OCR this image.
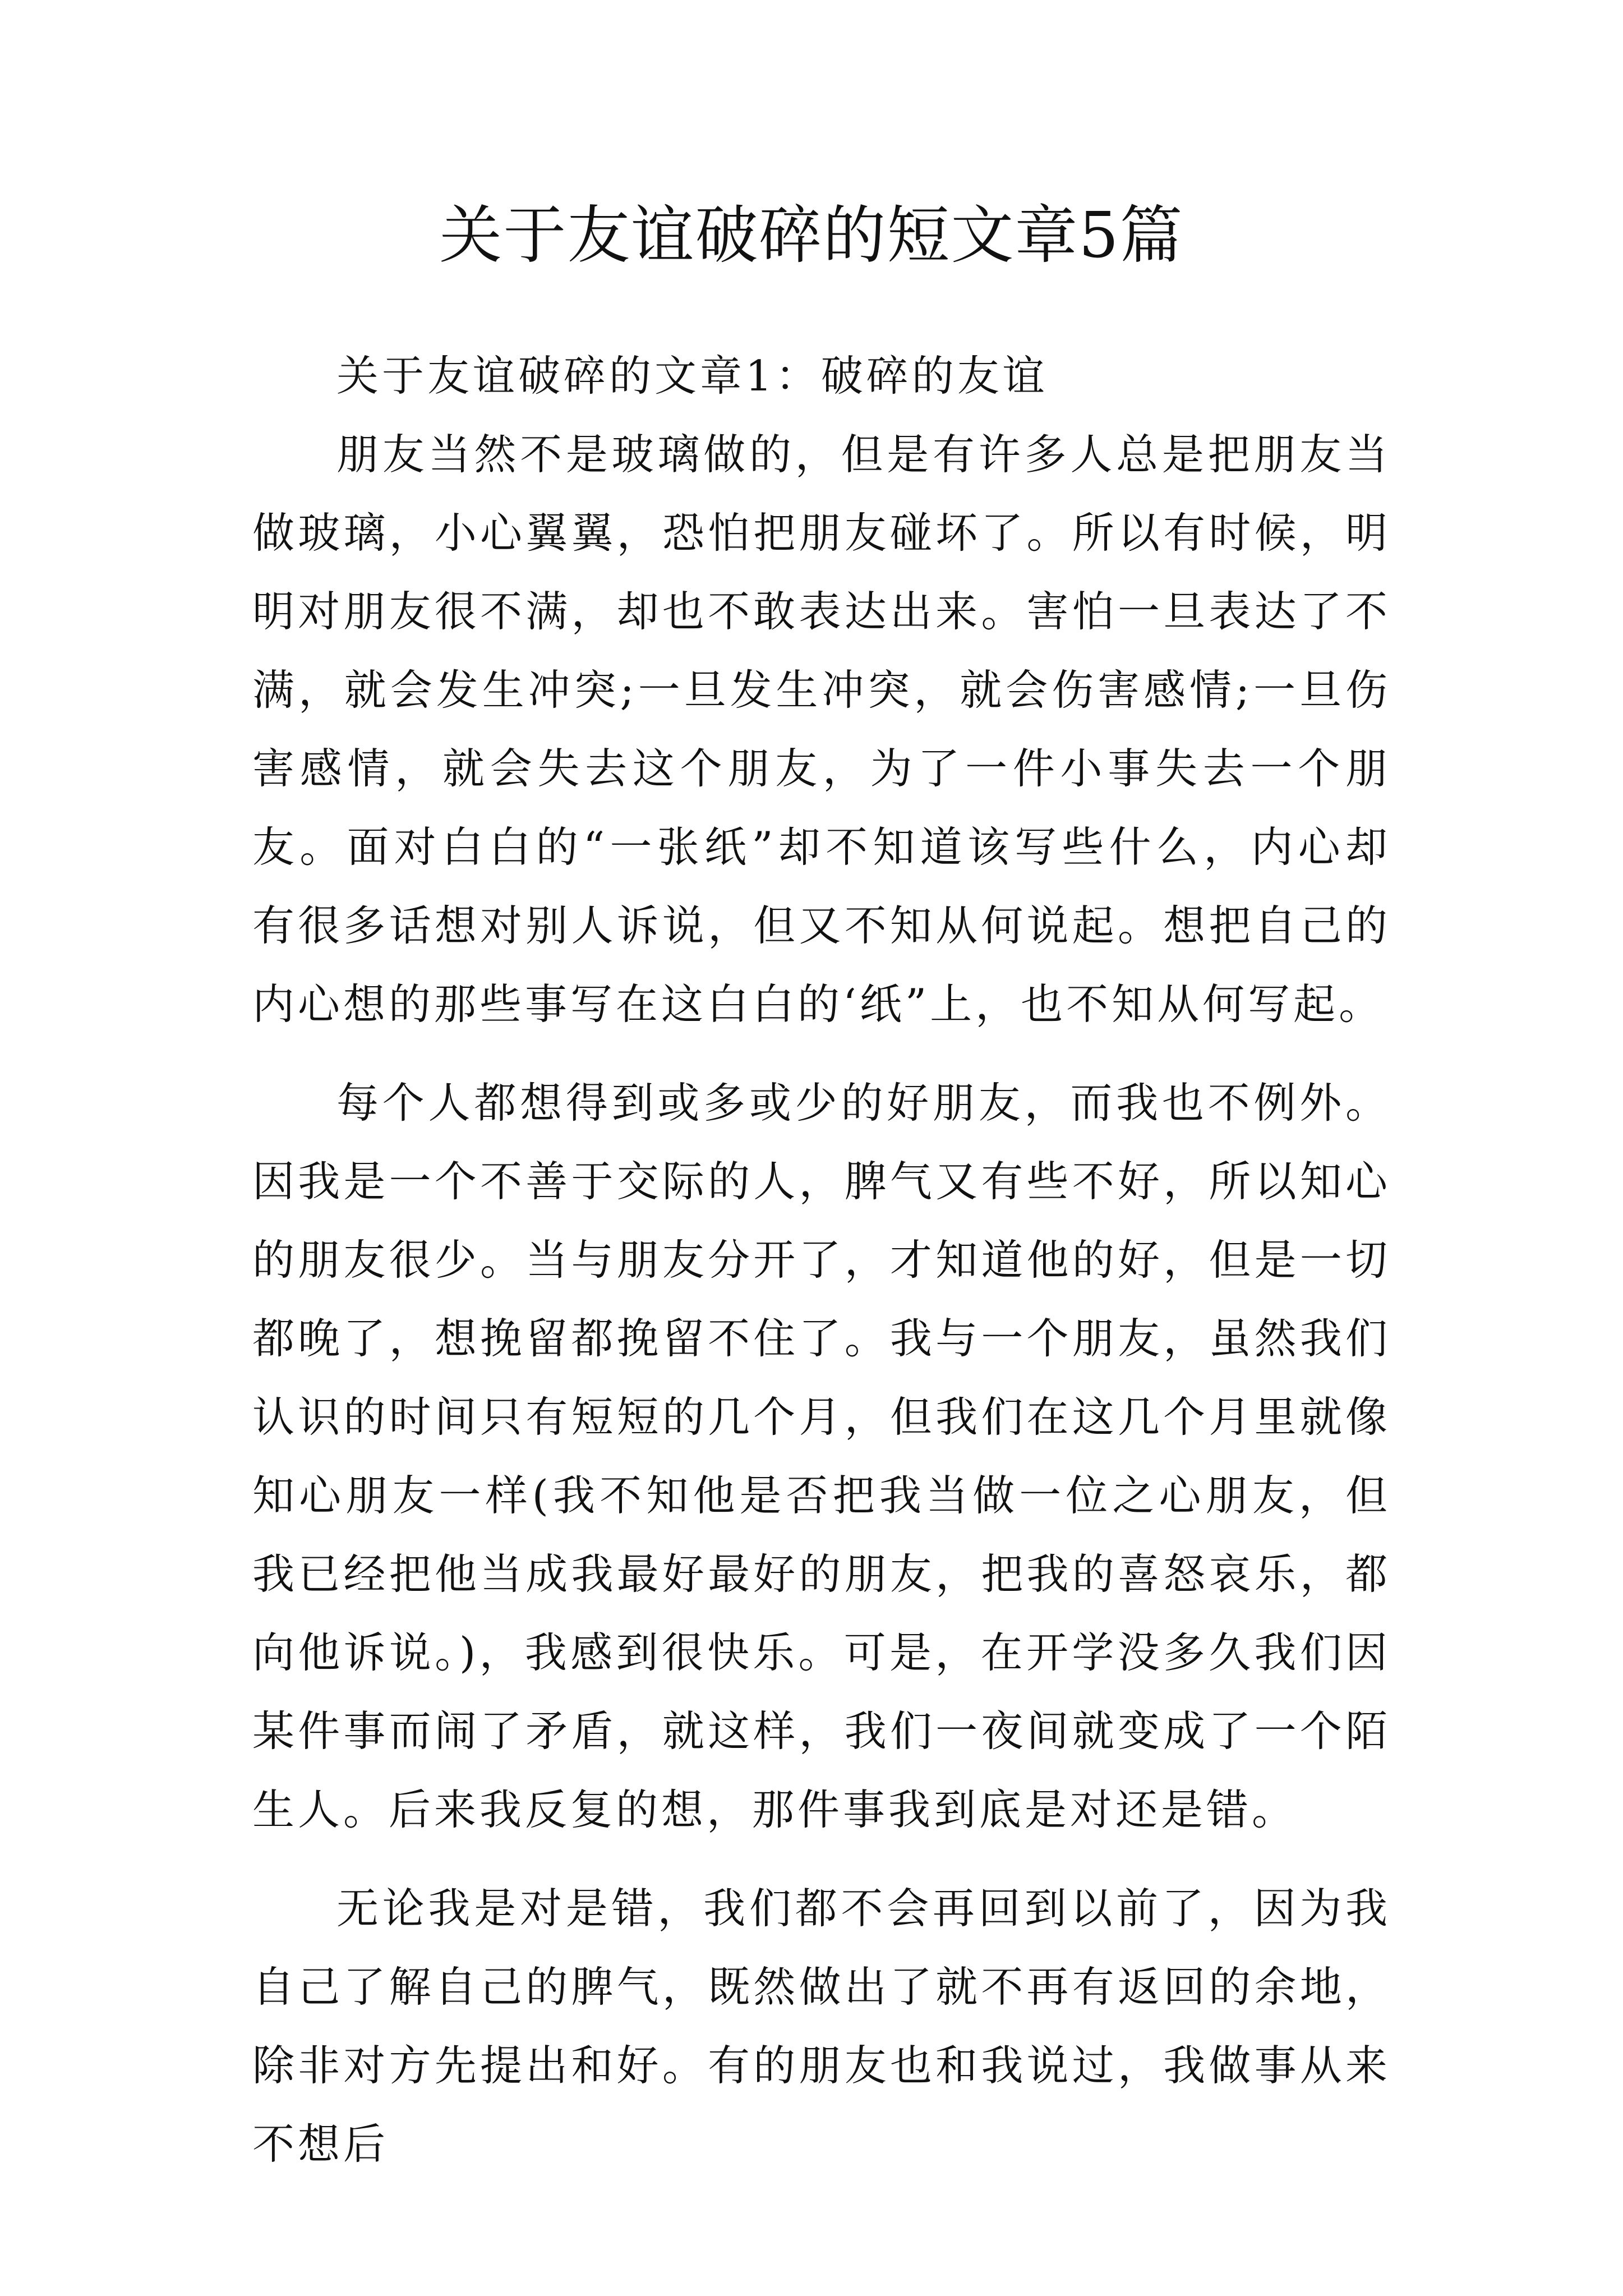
关于友谊破碎的短文章5篇

关于友谊破碎的文章1：破碎的友谊

朋友当然不是玻璃做的，但是有许多人总是把朋友当做玻璃，小心翼翼，恐怕把朋友碰坏了。所以有时候，明明对朋友很不满，却也不敢表达出来。害怕一旦表达了不满，就会发生冲突;一旦发生冲突，就会伤害感情;一旦伤害感情，就会失去这个朋友，为了一件小事失去一个朋友。面对白白的“一张纸”却不知道该写些什么，内心却有很多话想对别人诉说，但又不知从何说起。想把自己的内心想的那些事写在这白白的‘纸”上，也不知从何写起。

每个人都想得到或多或少的好朋友，而我也不例外。因我是一个不善于交际的人，脾气又有些不好，所以知心的朋友很少。当与朋友分开了，才知道他的好，但是一切都晚了，想挽留都挽留不住了。我与一个朋友，虽然我们认识的时间只有短短的几个月，但我们在这几个月里就像知心朋友一样(我不知他是否把我当做一位之心朋友，但我已经把他当成我最好最好的朋友，把我的喜怒哀乐，都向他诉说。)，我感到很快乐。可是，在开学没多久我们因某件事而闹了矛盾，就这样，我们一夜间就变成了一个陌生人。后来我反复的想，那件事我到底是对还是错。

无论我是对是错，我们都不会再回到以前了，因为我自己了解自己的脾气，既然做出了就不再有返回的余地，除非对方先提出和好。有的朋友也和我说过，我做事从来不想后
